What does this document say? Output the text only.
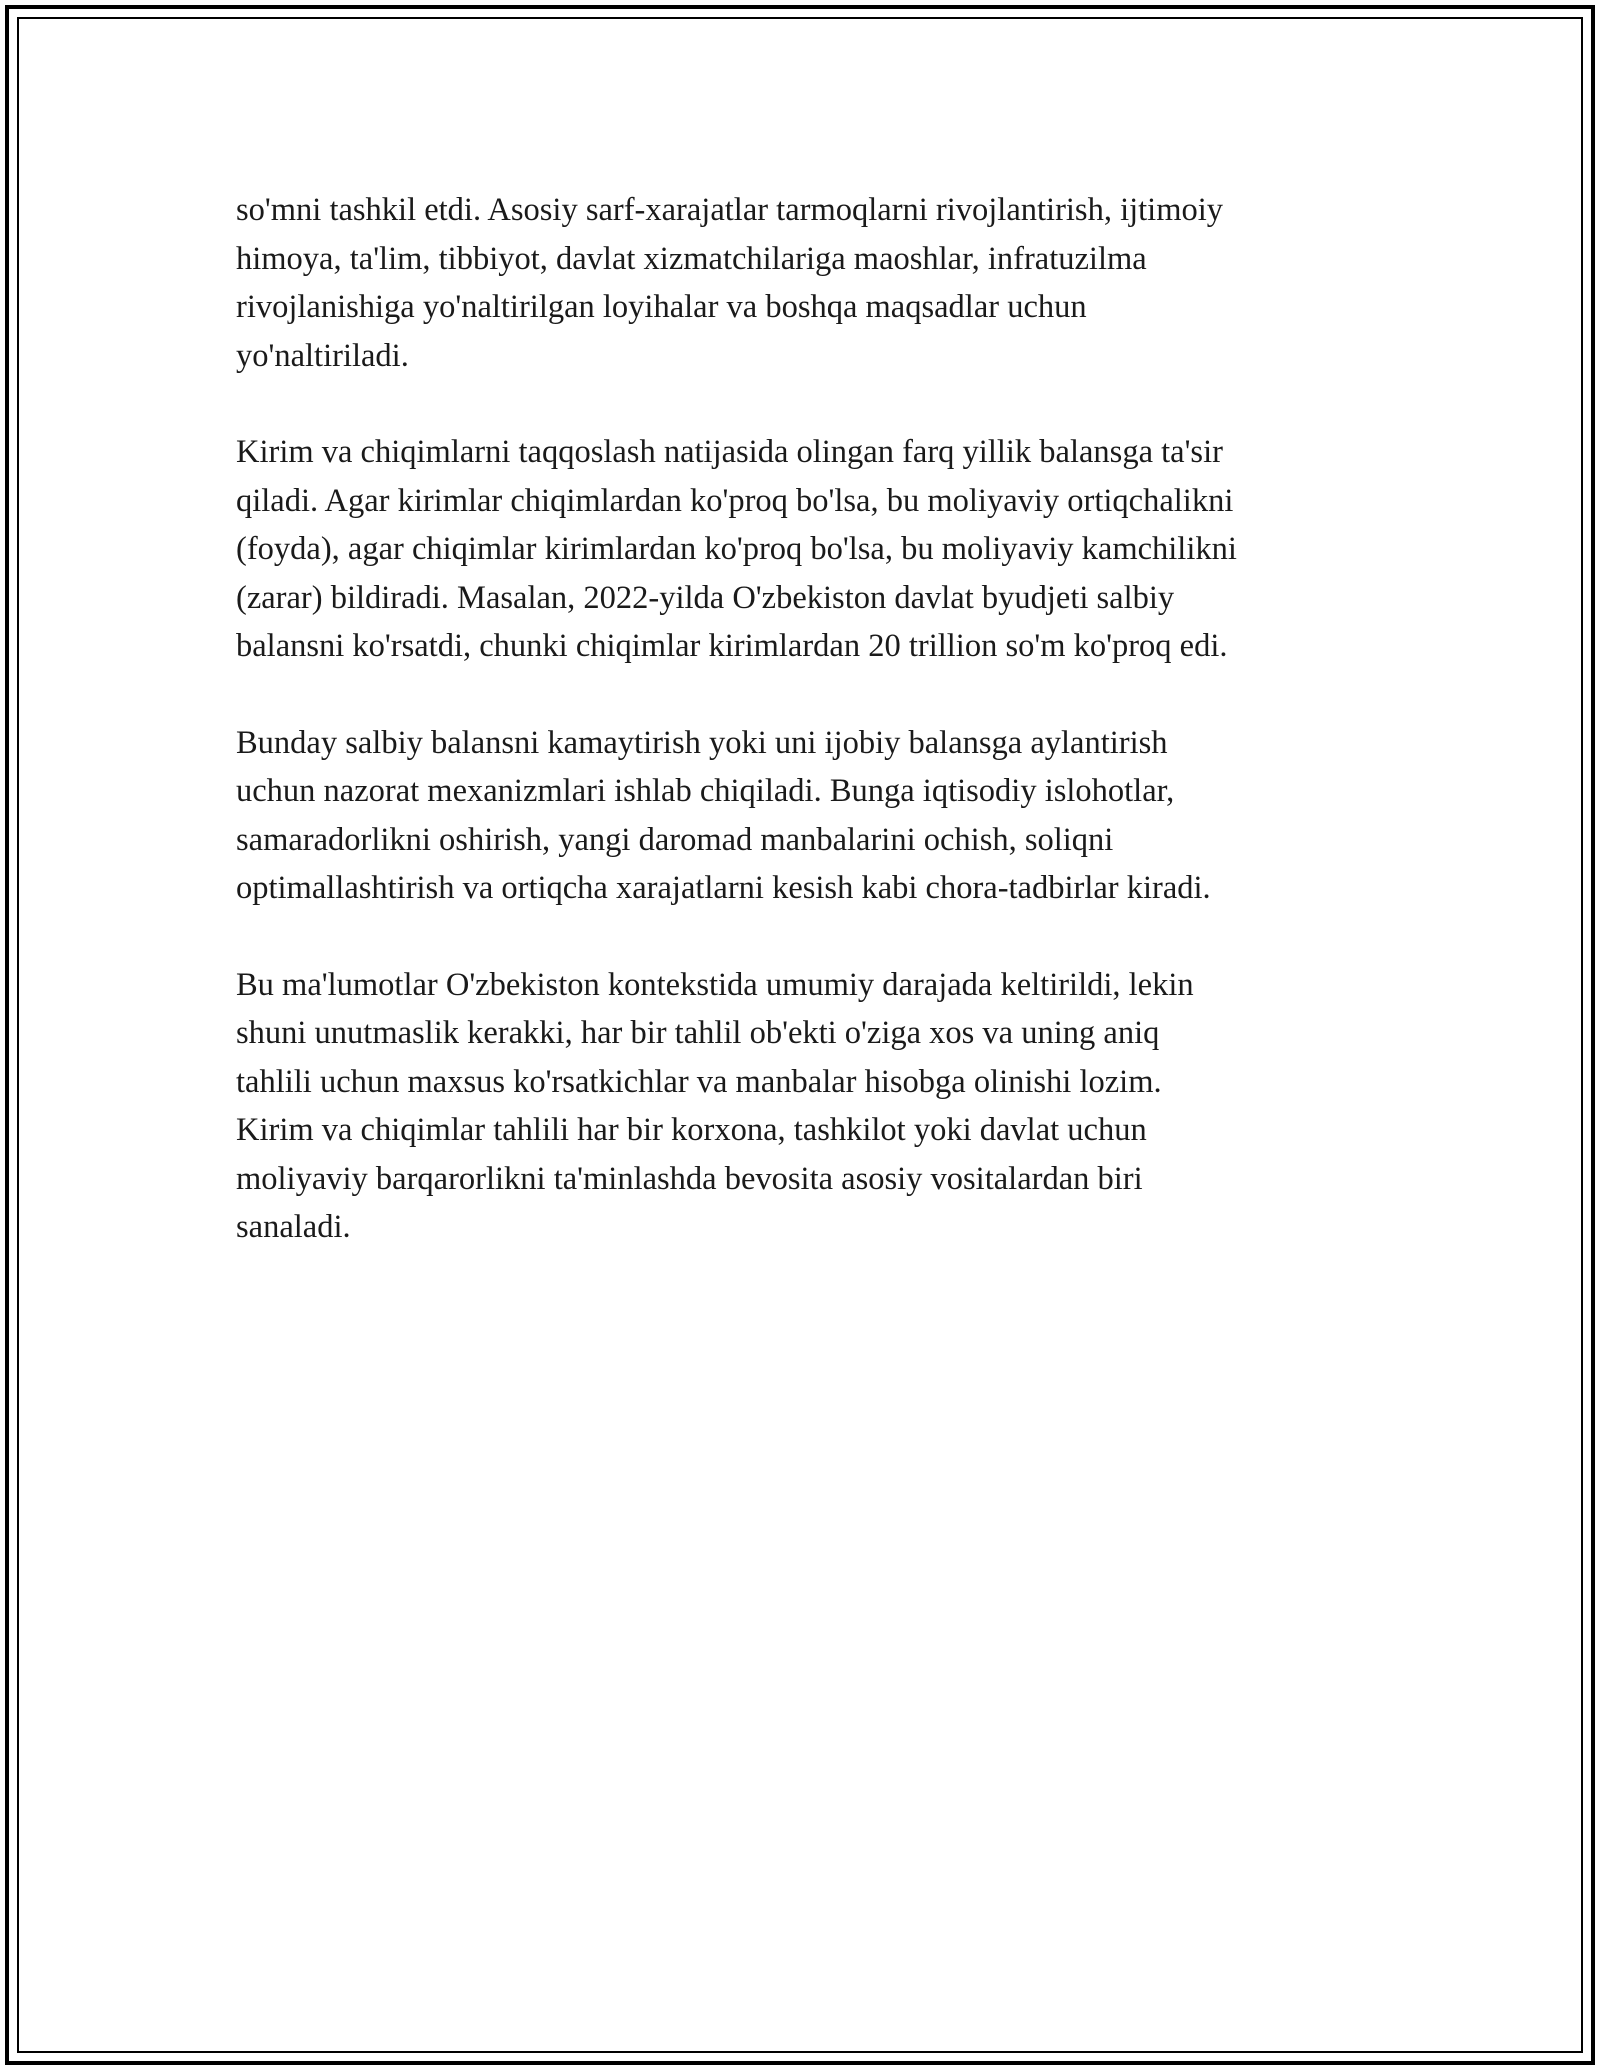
so'mni tashkil etdi. Asosiy sarf-xarajatlar tarmoqlarni rivojlantirish, ijtimoiy
himoya, ta'lim, tibbiyot, davlat xizmatchilariga maoshlar, infratuzilma
rivojlanishiga yo'naltirilgan loyihalar va boshqa maqsadlar uchun
yo'naltiriladi.

Kirim va chiqimlarni taqqoslash natijasida olingan farq yillik balansga ta'sir
qiladi. Agar kirimlar chiqimlardan ko'proq bo'lsa, bu moliyaviy ortiqchalikni
(foyda), agar chiqimlar kirimlardan ko'proq bo'lsa, bu moliyaviy kamchilikni
(zarar) bildiradi. Masalan, 2022-yilda O'zbekiston davlat byudjeti salbiy
balansni ko'rsatdi, chunki chiqimlar kirimlardan 20 trillion so'm ko'proq edi.

Bunday salbiy balansni kamaytirish yoki uni ijobiy balansga aylantirish
uchun nazorat mexanizmlari ishlab chiqiladi. Bunga iqtisodiy islohotlar,
samaradorlikni oshirish, yangi daromad manbalarini ochish, soliqni
optimallashtirish va ortiqcha xarajatlarni kesish kabi chora-tadbirlar kiradi.

Bu ma'lumotlar O'zbekiston kontekstida umumiy darajada keltirildi, lekin
shuni unutmaslik kerakki, har bir tahlil ob'ekti o'ziga xos va uning aniq
tahlili uchun maxsus ko'rsatkichlar va manbalar hisobga olinishi lozim.
Kirim va chiqimlar tahlili har bir korxona, tashkilot yoki davlat uchun
moliyaviy barqarorlikni ta'minlashda bevosita asosiy vositalardan biri
sanaladi.
